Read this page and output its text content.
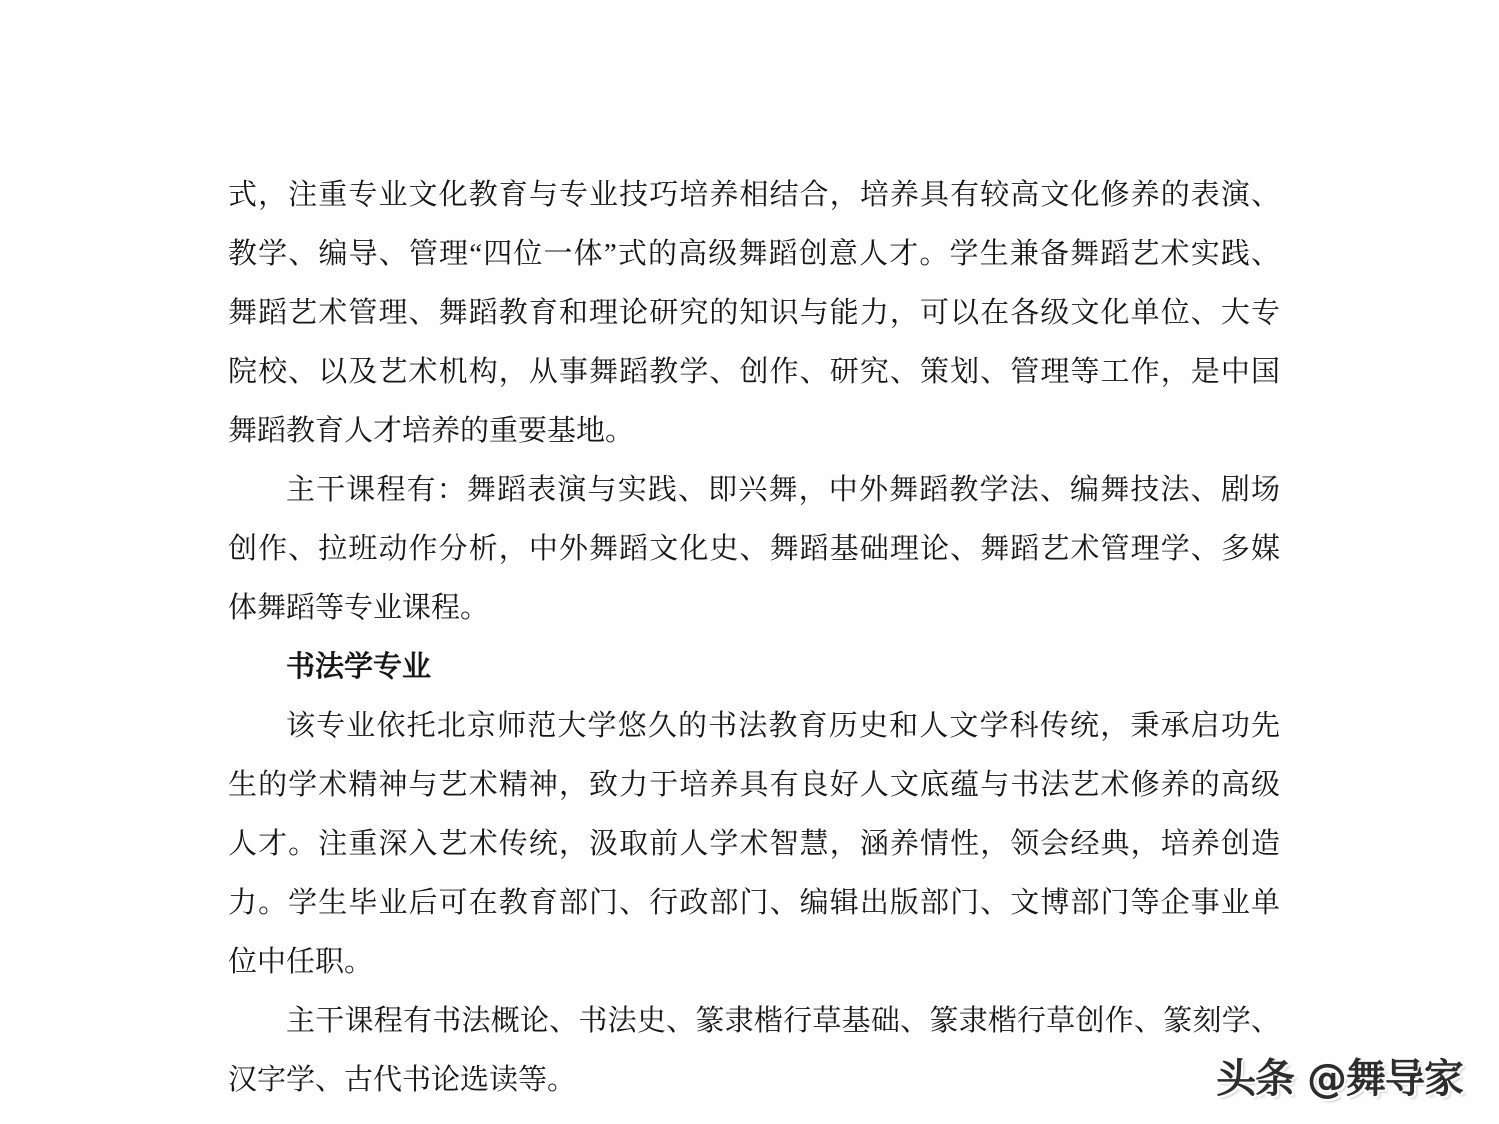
式，注重专业文化教育与专业技巧培养相结合，培养具有较高文化修养的表演、
教学、编导、管理“四位一体”式的高级舞蹈创意人才。学生兼备舞蹈艺术实践、
舞蹈艺术管理、舞蹈教育和理论研究的知识与能力，可以在各级文化单位、大专
院校、以及艺术机构，从事舞蹈教学、创作、研究、策划、管理等工作，是中国
舞蹈教育人才培养的重要基地。
主干课程有：舞蹈表演与实践、即兴舞，中外舞蹈教学法、编舞技法、剧场
创作、拉班动作分析，中外舞蹈文化史、舞蹈基础理论、舞蹈艺术管理学、多媒
体舞蹈等专业课程。
书法学专业
该专业依托北京师范大学悠久的书法教育历史和人文学科传统，秉承启功先
生的学术精神与艺术精神，致力于培养具有良好人文底蕴与书法艺术修养的高级
人才。注重深入艺术传统，汲取前人学术智慧，涵养情性，领会经典，培养创造
力。学生毕业后可在教育部门、行政部门、编辑出版部门、文博部门等企事业单
位中任职。
主干课程有书法概论、书法史、篆隶楷行草基础、篆隶楷行草创作、篆刻学、
汉字学、古代书论选读等。	头条 @舞导家
